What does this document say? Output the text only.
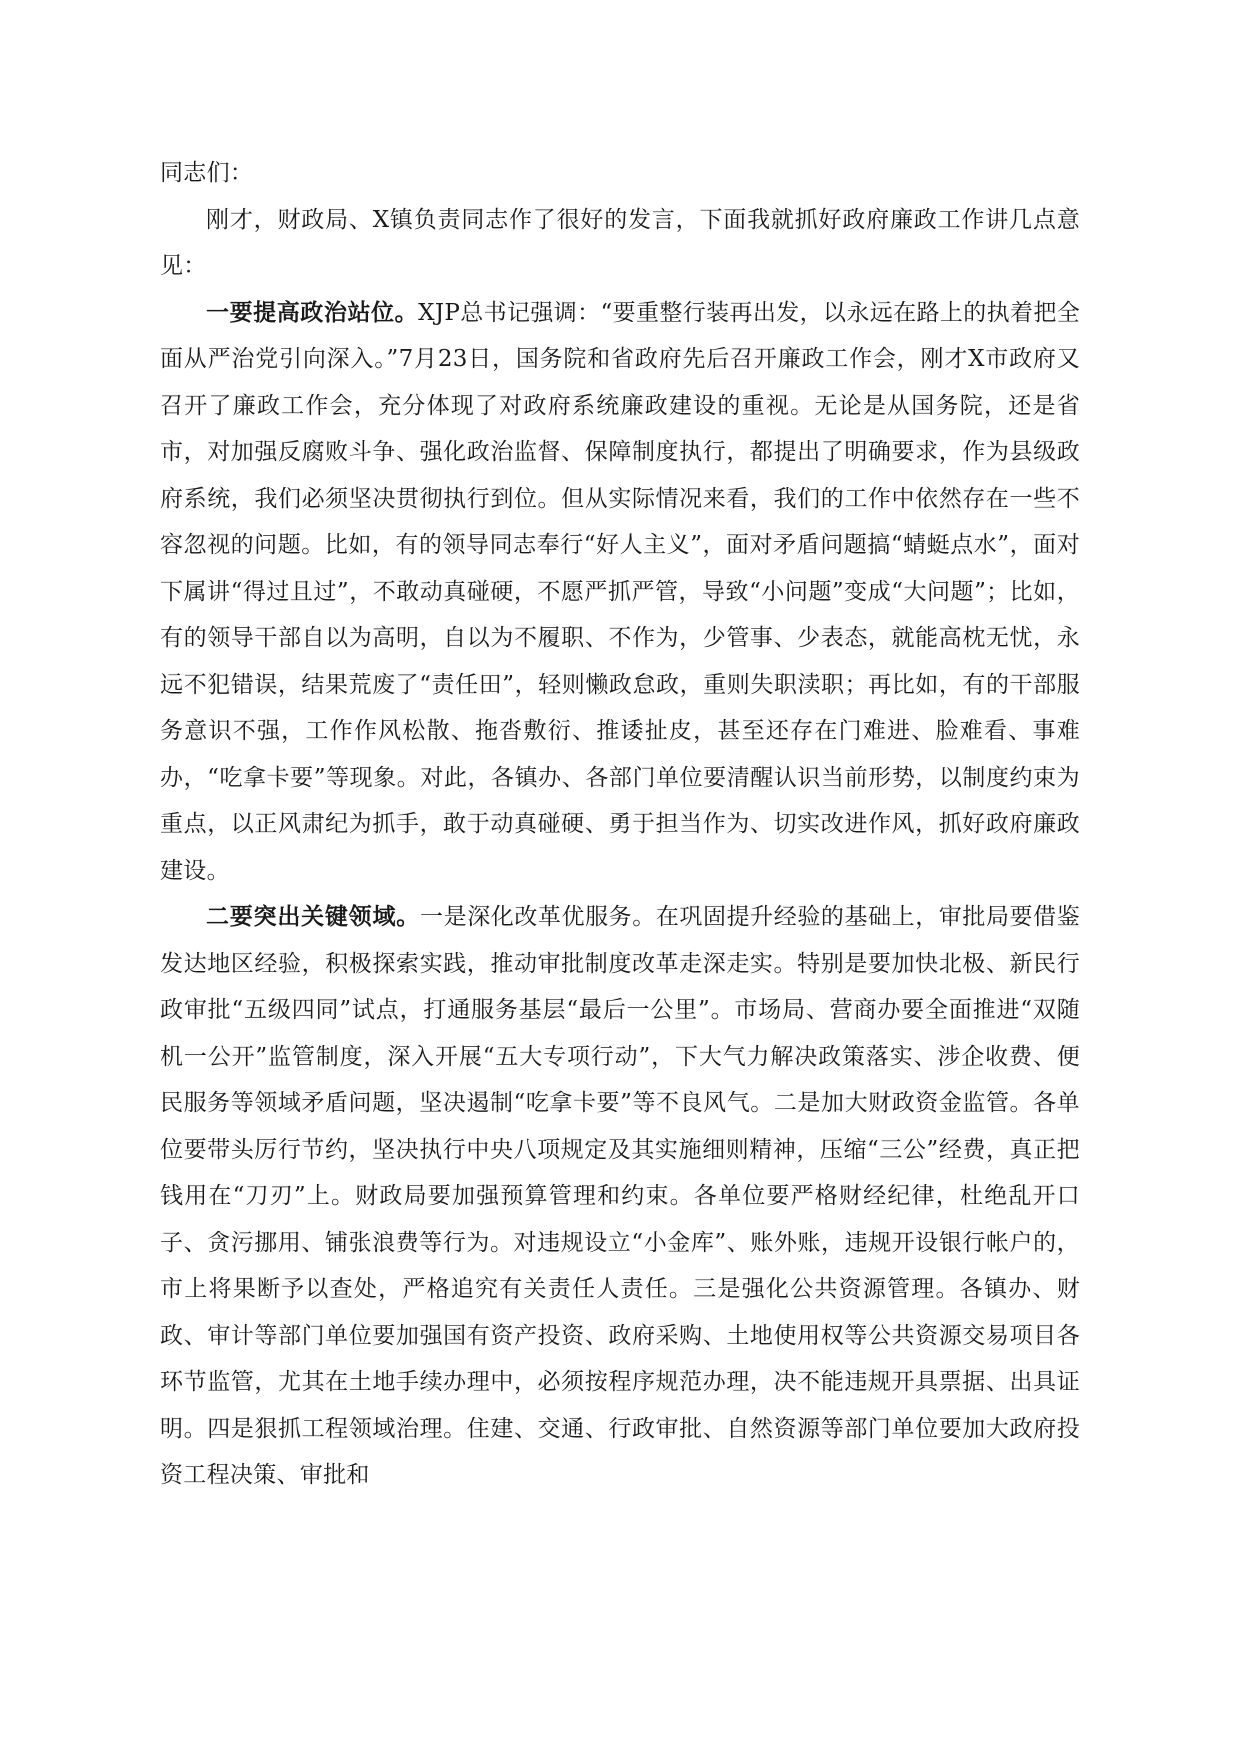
同志们：

刚才，财政局、X镇负责同志作了很好的发言，下面我就抓好政府廉政工作讲几点意见：

一要提高政治站位。XJP总书记强调：“要重整行装再出发，以永远在路上的执着把全面从严治党引向深入。”7月23日，国务院和省政府先后召开廉政工作会，刚才X市政府又召开了廉政工作会，充分体现了对政府系统廉政建设的重视。无论是从国务院，还是省市，对加强反腐败斗争、强化政治监督、保障制度执行，都提出了明确要求，作为县级政府系统，我们必须坚决贯彻执行到位。但从实际情况来看，我们的工作中依然存在一些不容忽视的问题。比如，有的领导同志奉行“好人主义”，面对矛盾问题搞“蜻蜓点水”，面对下属讲“得过且过”，不敢动真碰硬，不愿严抓严管，导致“小问题”变成“大问题”；比如，有的领导干部自以为高明，自以为不履职、不作为，少管事、少表态，就能高枕无忧，永远不犯错误，结果荒废了“责任田”，轻则懒政怠政，重则失职渎职；再比如，有的干部服务意识不强，工作作风松散、拖沓敷衍、推诿扯皮，甚至还存在门难进、脸难看、事难办，“吃拿卡要”等现象。对此，各镇办、各部门单位要清醒认识当前形势，以制度约束为重点，以正风肃纪为抓手，敢于动真碰硬、勇于担当作为、切实改进作风，抓好政府廉政建设。

二要突出关键领域。一是深化改革优服务。在巩固提升经验的基础上，审批局要借鉴发达地区经验，积极探索实践，推动审批制度改革走深走实。特别是要加快北极、新民行政审批“五级四同”试点，打通服务基层“最后一公里”。市场局、营商办要全面推进“双随机一公开”监管制度，深入开展“五大专项行动”，下大气力解决政策落实、涉企收费、便民服务等领域矛盾问题，坚决遏制“吃拿卡要”等不良风气。二是加大财政资金监管。各单位要带头厉行节约，坚决执行中央八项规定及其实施细则精神，压缩“三公”经费，真正把钱用在“刀刃”上。财政局要加强预算管理和约束。各单位要严格财经纪律，杜绝乱开口子、贪污挪用、铺张浪费等行为。对违规设立“小金库”、账外账，违规开设银行帐户的，市上将果断予以查处，严格追究有关责任人责任。三是强化公共资源管理。各镇办、财政、审计等部门单位要加强国有资产投资、政府采购、土地使用权等公共资源交易项目各环节监管，尤其在土地手续办理中，必须按程序规范办理，决不能违规开具票据、出具证明。四是狠抓工程领域治理。住建、交通、行政审批、自然资源等部门单位要加大政府投资工程决策、审批和
